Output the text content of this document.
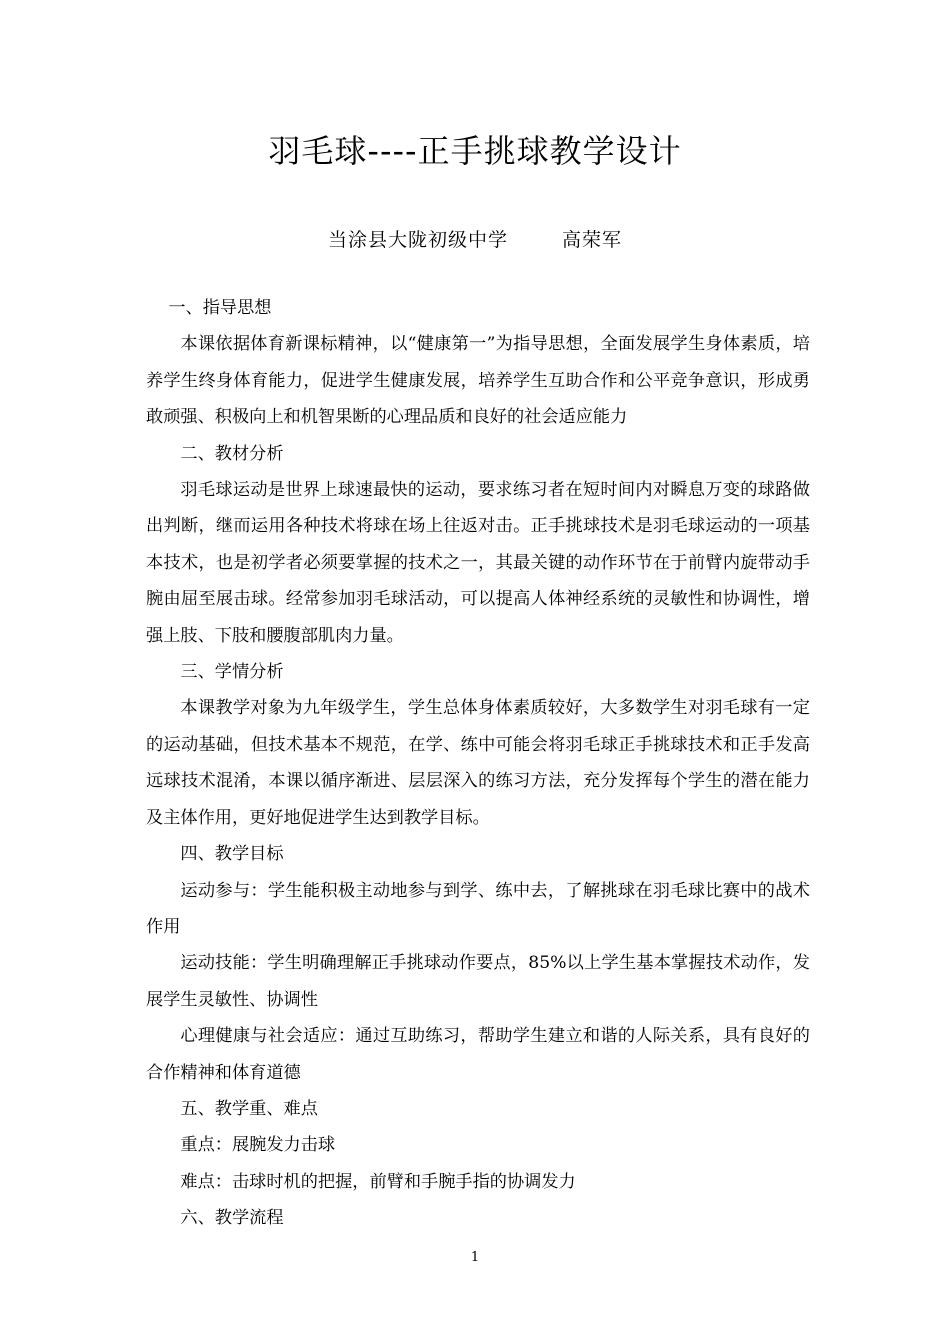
羽毛球----正手挑球教学设计
当涂县大陇初级中学	高荣军

一、指导思想

本课依据体育新课标精神，以“健康第一”为指导思想，全面发展学生身体素质，培养学生终身体育能力，促进学生健康发展，培养学生互助合作和公平竞争意识，形成勇敢顽强、积极向上和机智果断的心理品质和良好的社会适应能力

二、教材分析

羽毛球运动是世界上球速最快的运动，要求练习者在短时间内对瞬息万变的球路做出判断，继而运用各种技术将球在场上往返对击。正手挑球技术是羽毛球运动的一项基本技术，也是初学者必须要掌握的技术之一，其最关键的动作环节在于前臂内旋带动手腕由屈至展击球。经常参加羽毛球活动，可以提高人体神经系统的灵敏性和协调性，增强上肢、下肢和腰腹部肌肉力量。

三、学情分析

本课教学对象为九年级学生，学生总体身体素质较好，大多数学生对羽毛球有一定的运动基础，但技术基本不规范，在学、练中可能会将羽毛球正手挑球技术和正手发高远球技术混淆，本课以循序渐进、层层深入的练习方法，充分发挥每个学生的潜在能力及主体作用，更好地促进学生达到教学目标。

四、教学目标

运动参与：学生能积极主动地参与到学、练中去，了解挑球在羽毛球比赛中的战术作用

运动技能：学生明确理解正手挑球动作要点，85%以上学生基本掌握技术动作，发展学生灵敏性、协调性

心理健康与社会适应：通过互助练习，帮助学生建立和谐的人际关系，具有良好的合作精神和体育道德

五、教学重、难点

重点：展腕发力击球

难点：击球时机的把握，前臂和手腕手指的协调发力

六、教学流程

1
